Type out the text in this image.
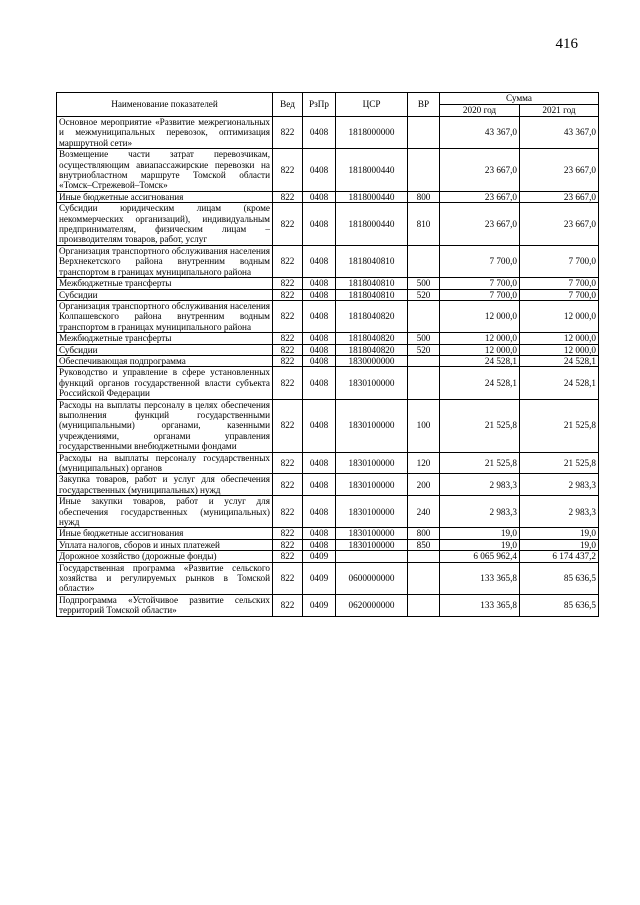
416
Наименование показателей	Вед	РзПр	ЦСР	ВР	Сумма	
					2020 год	2021 год
Основное мероприятие «Развитие межрегиональных и межмуниципальных перевозок, оптимизация маршрутной сети»	822	0408	1818000000		43 367,0	43 367,0
Возмещение части затрат перевозчикам, осуществляющим авиапассажирские перевозки на внутриобластном маршруте Томской области «Томск–Стрежевой–Томск»	822	0408	1818000440		23 667,0	23 667,0
Иные бюджетные ассигнования	822	0408	1818000440	800	23 667,0	23 667,0
Субсидии юридическим лицам (кроме некоммерческих организаций), индивидуальным предпринимателям, физическим лицам – производителям товаров, работ, услуг	822	0408	1818000440	810	23 667,0	23 667,0
Организация транспортного обслуживания населения Верхнекетского района внутренним водным транспортом в границах муниципального района	822	0408	1818040810		7 700,0	7 700,0
Межбюджетные трансферты	822	0408	1818040810	500	7 700,0	7 700,0
Субсидии	822	0408	1818040810	520	7 700,0	7 700,0
Организация транспортного обслуживания населения Колпашевского района внутренним водным транспортом в границах муниципального района	822	0408	1818040820		12 000,0	12 000,0
Межбюджетные трансферты	822	0408	1818040820	500	12 000,0	12 000,0
Субсидии	822	0408	1818040820	520	12 000,0	12 000,0
Обеспечивающая подпрограмма	822	0408	1830000000		24 528,1	24 528,1
Руководство и управление в сфере установленных функций органов государственной власти субъекта Российской Федерации	822	0408	1830100000		24 528,1	24 528,1
Расходы на выплаты персоналу в целях обеспечения выполнения функций государственными (муниципальными) органами, казенными учреждениями, органами управления государственными внебюджетными фондами	822	0408	1830100000	100	21 525,8	21 525,8
Расходы на выплаты персоналу государственных (муниципальных) органов	822	0408	1830100000	120	21 525,8	21 525,8
Закупка товаров, работ и услуг для обеспечения государственных (муниципальных) нужд	822	0408	1830100000	200	2 983,3	2 983,3
Иные закупки товаров, работ и услуг для обеспечения государственных (муниципальных) нужд	822	0408	1830100000	240	2 983,3	2 983,3
Иные бюджетные ассигнования	822	0408	1830100000	800	19,0	19,0
Уплата налогов, сборов и иных платежей	822	0408	1830100000	850	19,0	19,0
Дорожное хозяйство (дорожные фонды)	822	0409			6 065 962,4	6 174 437,2
Государственная программа «Развитие сельского хозяйства и регулируемых рынков в Томской области»	822	0409	0600000000		133 365,8	85 636,5
Подпрограмма «Устойчивое развитие сельских территорий Томской области»	822	0409	0620000000		133 365,8	85 636,5
